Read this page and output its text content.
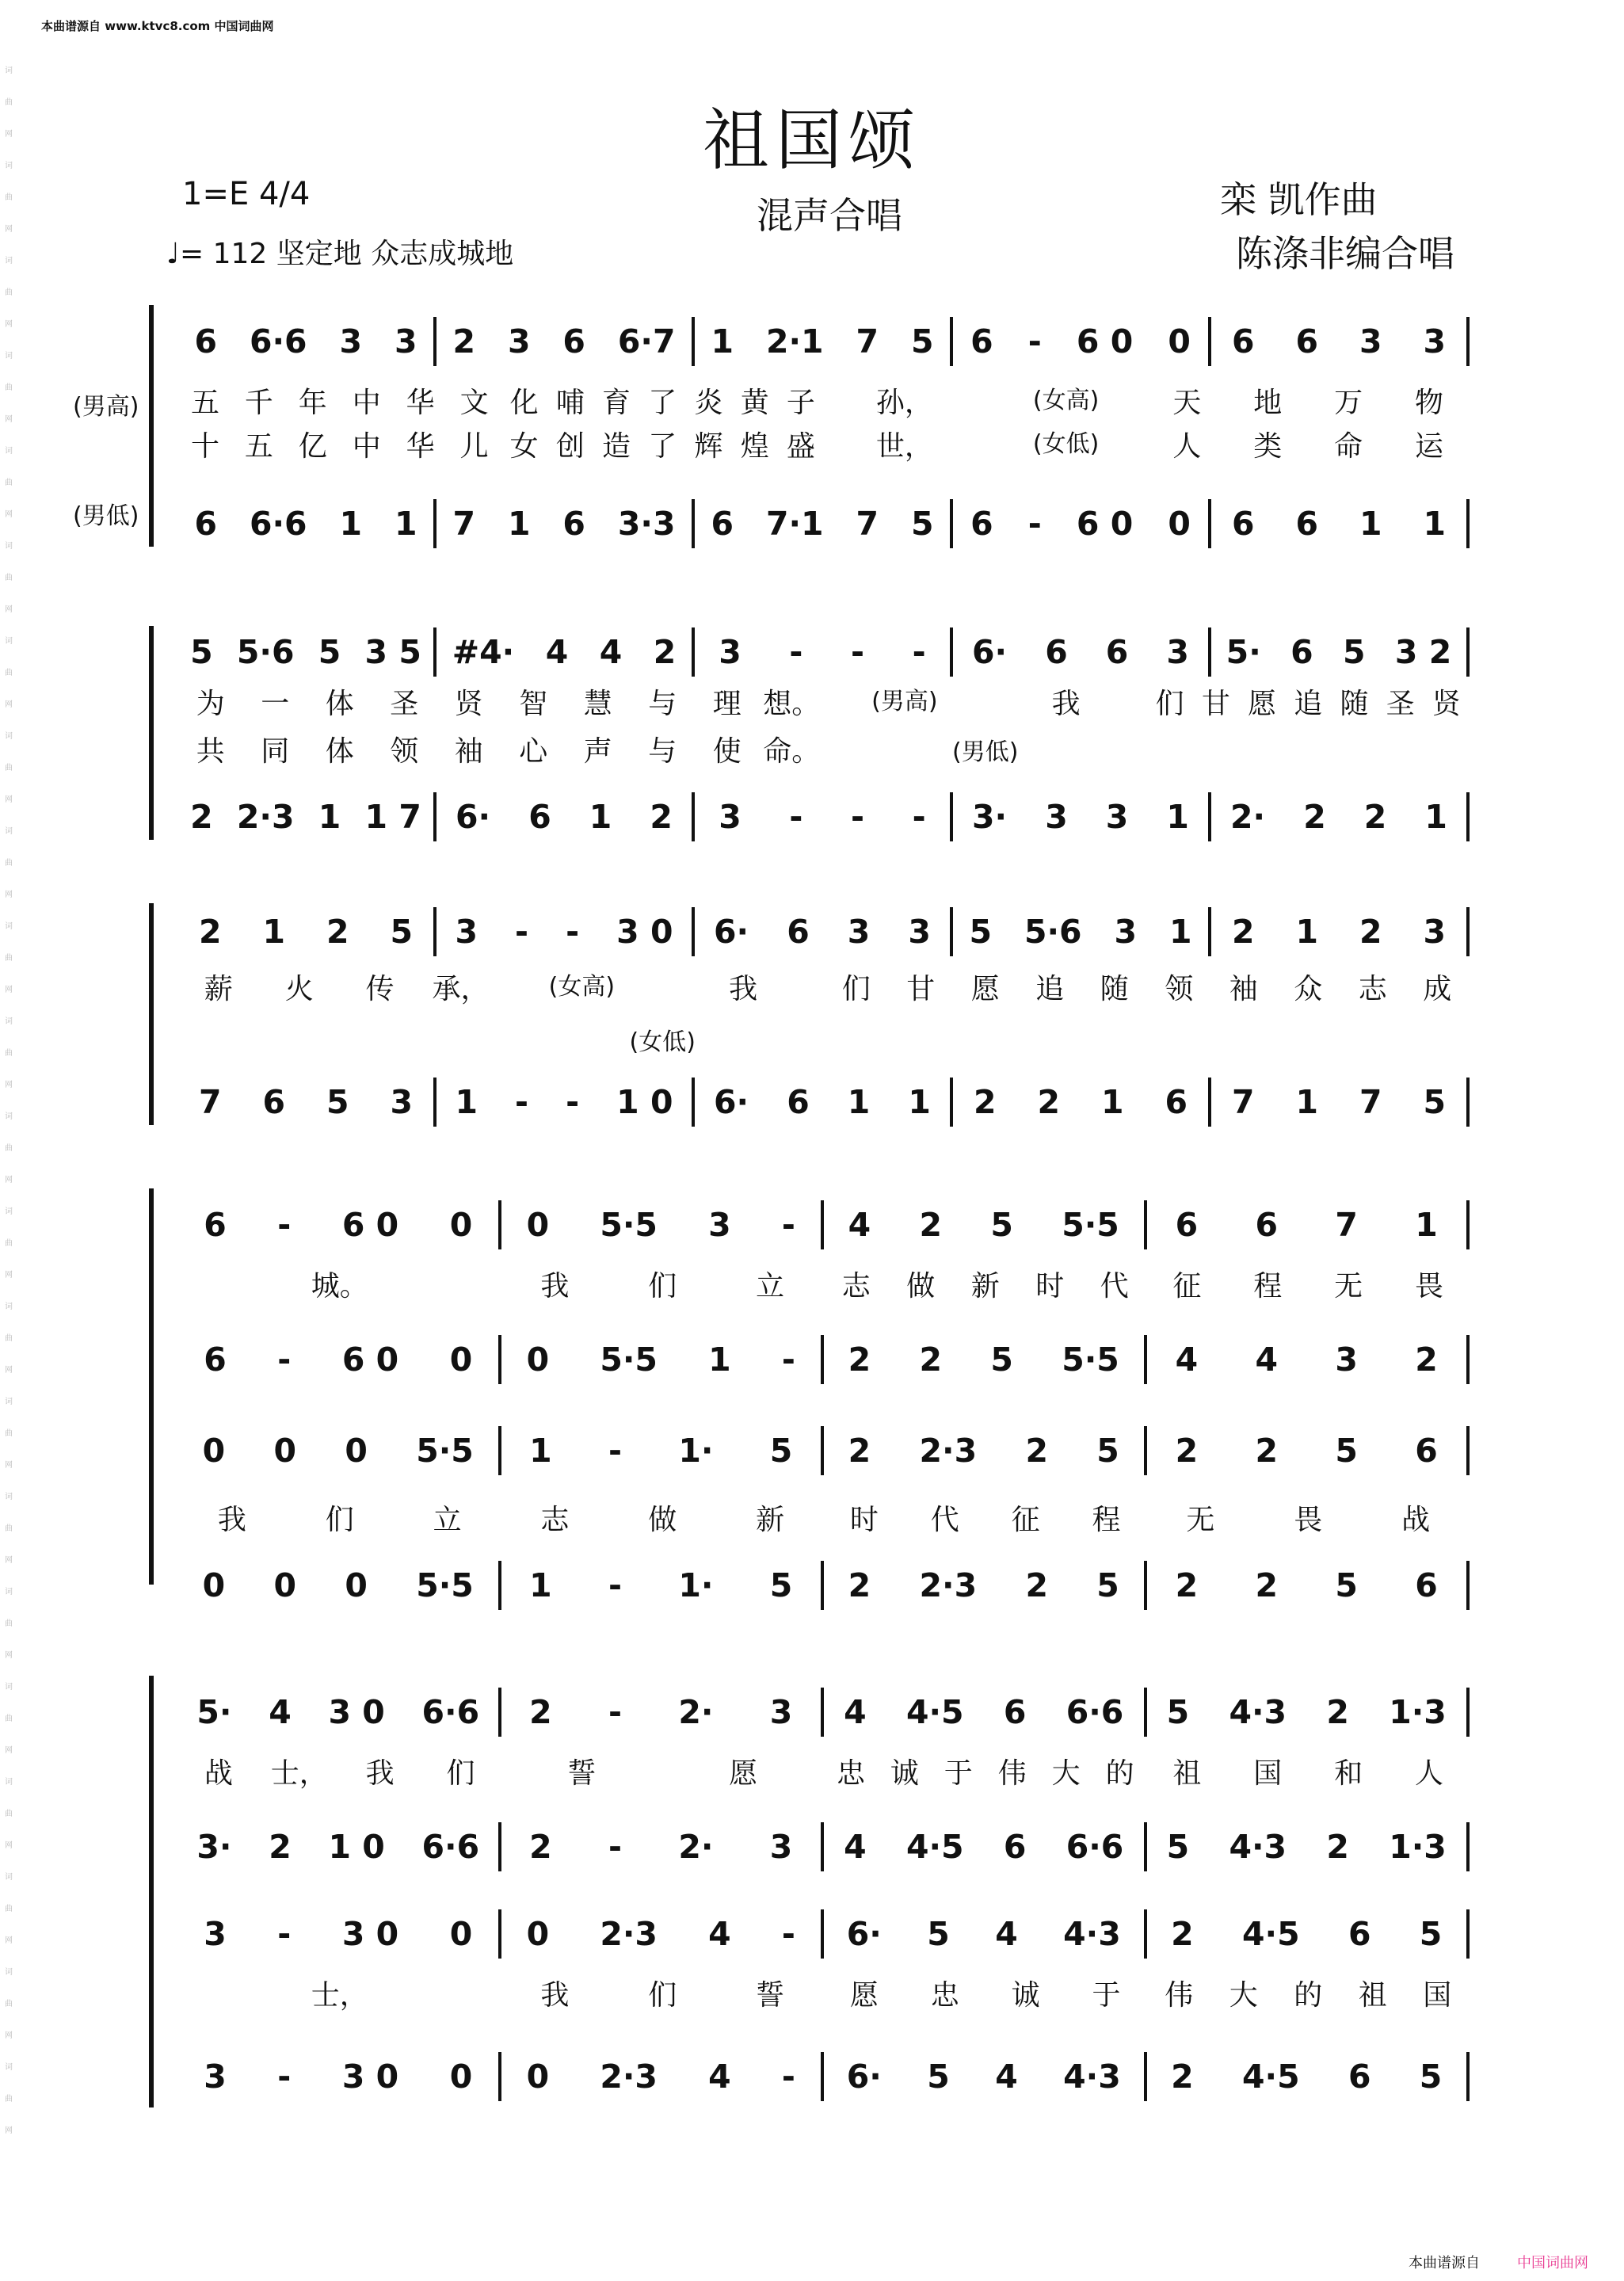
词曲网词曲网词曲网词曲网词曲网词曲网词曲网词曲网词曲网词曲网词曲网词曲网词曲网词曲网词曲网词曲网词曲网词曲网词曲网词曲网词曲网词曲网
本曲谱源自 www.ktvc8.com 中国词曲网
祖国颂
1=E 4/4	混声合唱
♩= 112 坚定地 众志成城地
栾 凯作曲
陈涤非编合唱
(男高)
(男低)
6 6·6 3 3 2 3 6 6·7 1 2·1 7 5 6 - 6 0 0 6 6 3 3
五 千 年 中 华 文 化 哺 育 了 炎 黄 子	孙，	(女高)	天	地	万	物
十 五 亿 中 华 儿 女 创 造 了 辉 煌 盛	世，	(女低)	人	类	命	运
6 6·6 1 1 7 1 6 3·3 6 7·1 7 5 6 - 6 0 0 6 6 1 1
5 5·6 5 3 5 #4· 4 4 2 3 - - - 6· 6 6 3 5· 6 5 3 2
为	一	体	圣	贤	智	慧	与	理 想。	(男高)	我	们 甘 愿 追 随 圣 贤
共	同	体	领	袖	心	声	与	使 命。	(男低)
2 2·3 1 1 7 6· 6 1 2 3 - - - 3· 3 3 1 2· 2 2 1
2 1 2 5 3 - - 3 0 6· 6 3 3 5 5·6 3 1 2 1 2 3
薪	火	传	承，	(女高)	我	们	甘	愿	追	随	领	袖	众	志	成
(女低)
7 6 5 3 1 - - 1 0 6· 6 1 1 2 2 1 6 7 1 7 5
6 - 6 0 0 0 5·5 3 - 4 2 5 5·5 6 6 7 1
城。	我	们	立	志	做	新	时	代	征	程	无	畏
6 - 6 0 0 0 5·5 1 - 2 2 5 5·5 4 4 3 2
0 0 0 5·5 1 - 1· 5 2 2·3 2 5 2 2 5 6
我	们	立	志	做	新	时	代	征	程	无	畏	战
0 0 0 5·5 1 - 1· 5 2 2·3 2 5 2 2 5 6
5· 4 3 0 6·6 2 - 2· 3 4 4·5 6 6·6 5 4·3 2 1·3
战	士，	我	们	誓	愿	忠 诚 于 伟 大 的	祖	国	和	人
3· 2 1 0 6·6 2 - 2· 3 4 4·5 6 6·6 5 4·3 2 1·3
3 - 3 0 0 0 2·3 4 - 6· 5 4 4·3 2 4·5 6 5
士，	我	们	誓	愿	忠	诚	于	伟	大	的	祖	国
3 - 3 0 0 0 2·3 4 - 6· 5 4 4·3 2 4·5 6 5
本曲谱源自	中国词曲网
